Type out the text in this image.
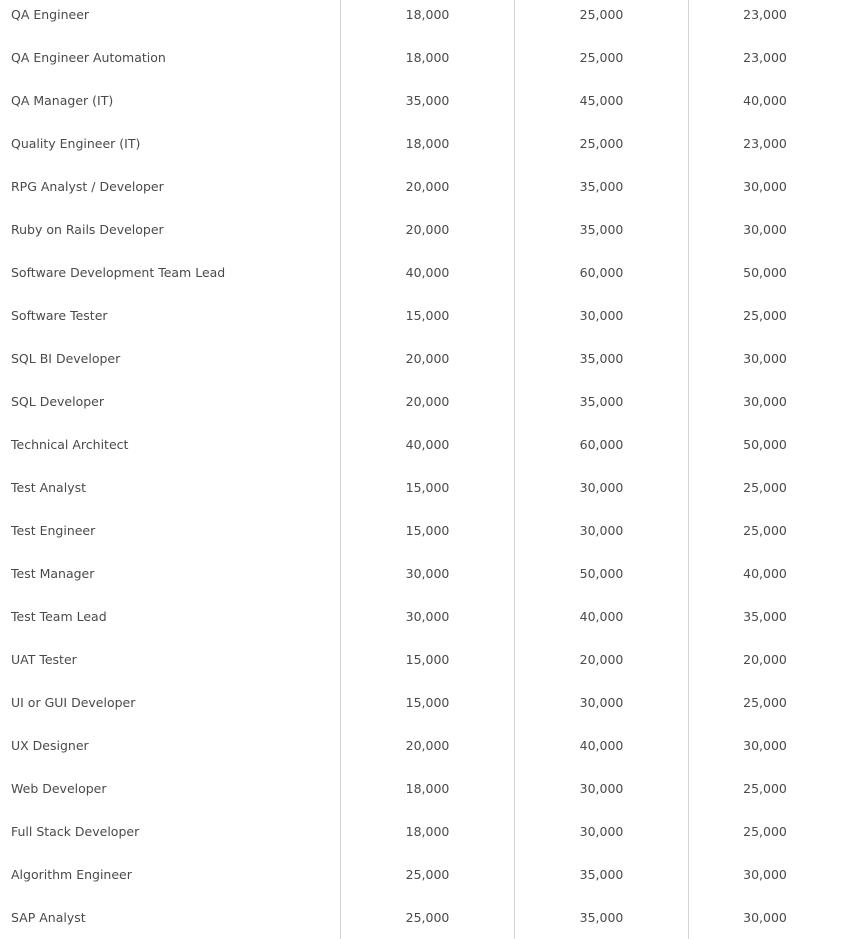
QA Engineer	18,000	25,000	23,000
QA Engineer Automation	18,000	25,000	23,000
QA Manager (IT)	35,000	45,000	40,000
Quality Engineer (IT)	18,000	25,000	23,000
RPG Analyst / Developer	20,000	35,000	30,000
Ruby on Rails Developer	20,000	35,000	30,000
Software Development Team Lead	40,000	60,000	50,000
Software Tester	15,000	30,000	25,000
SQL BI Developer	20,000	35,000	30,000
SQL Developer	20,000	35,000	30,000
Technical Architect	40,000	60,000	50,000
Test Analyst	15,000	30,000	25,000
Test Engineer	15,000	30,000	25,000
Test Manager	30,000	50,000	40,000
Test Team Lead	30,000	40,000	35,000
UAT Tester	15,000	20,000	20,000
UI or GUI Developer	15,000	30,000	25,000
UX Designer	20,000	40,000	30,000
Web Developer	18,000	30,000	25,000
Full Stack Developer	18,000	30,000	25,000
Algorithm Engineer	25,000	35,000	30,000
SAP Analyst	25,000	35,000	30,000
